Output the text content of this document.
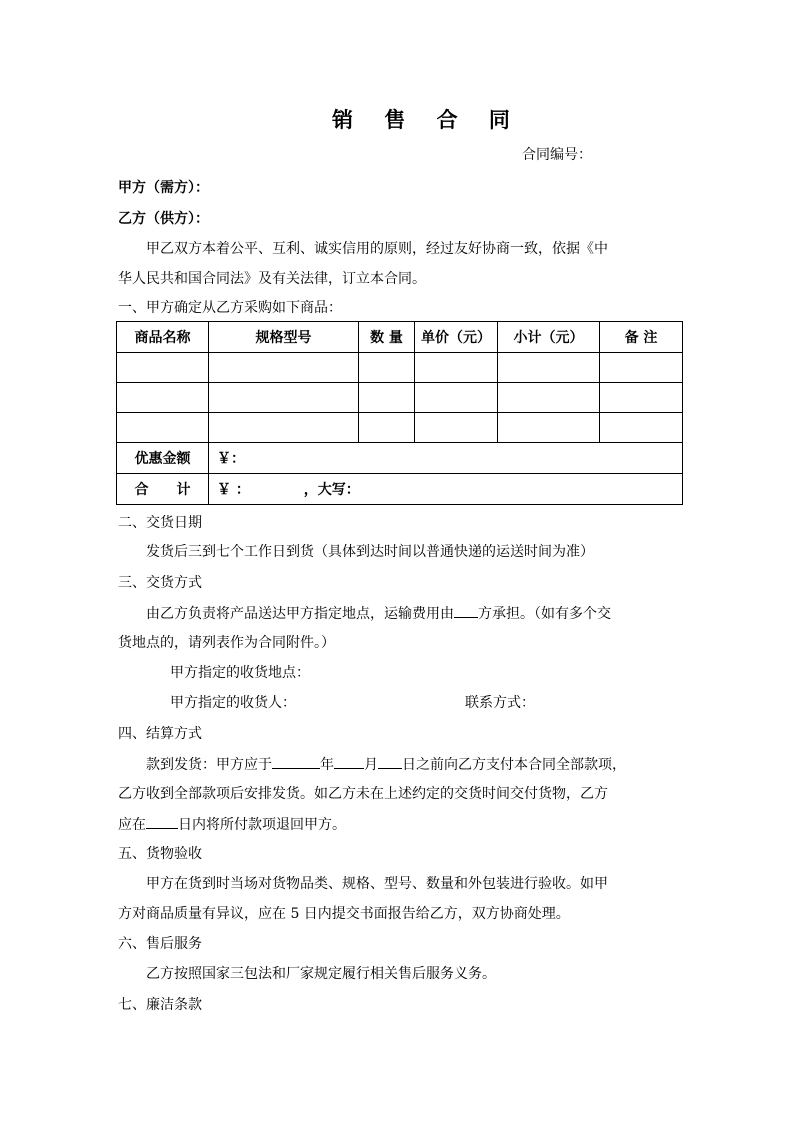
销 售 合 同
合同编号：
甲方（需方）：
乙方（供方）：
甲乙双方本着公平、互利、诚实信用的原则，经过友好协商一致，依据《中
华人民共和国合同法》及有关法律，订立本合同。
一、甲方确定从乙方采购如下商品：
商品名称	规格型号	数 量	单价（元）	小计（元）	备 注

优惠金额	￥：				
合　　计	￥ ：　　　　 ，大写：				
二、交货日期
发货后三到七个工作日到货（具体到达时间以普通快递的运送时间为准）
三、交货方式
由乙方负责将产品送达甲方指定地点，运输费用由 方承担。（如有多个交
货地点的，请列表作为合同附件。）
甲方指定的收货地点：
甲方指定的收货人：	联系方式：
四、结算方式
款到发货：甲方应于	年 月 日之前向乙方支付本合同全部款项，
乙方收到全部款项后安排发货。如乙方未在上述约定的交货时间交付货物，乙方
应在 日内将所付款项退回甲方。
五、货物验收
甲方在货到时当场对货物品类、规格、型号、数量和外包装进行验收。如甲
方对商品质量有异议，应在 5 日内提交书面报告给乙方，双方协商处理。
六、售后服务
乙方按照国家三包法和厂家规定履行相关售后服务义务。
七、廉洁条款
